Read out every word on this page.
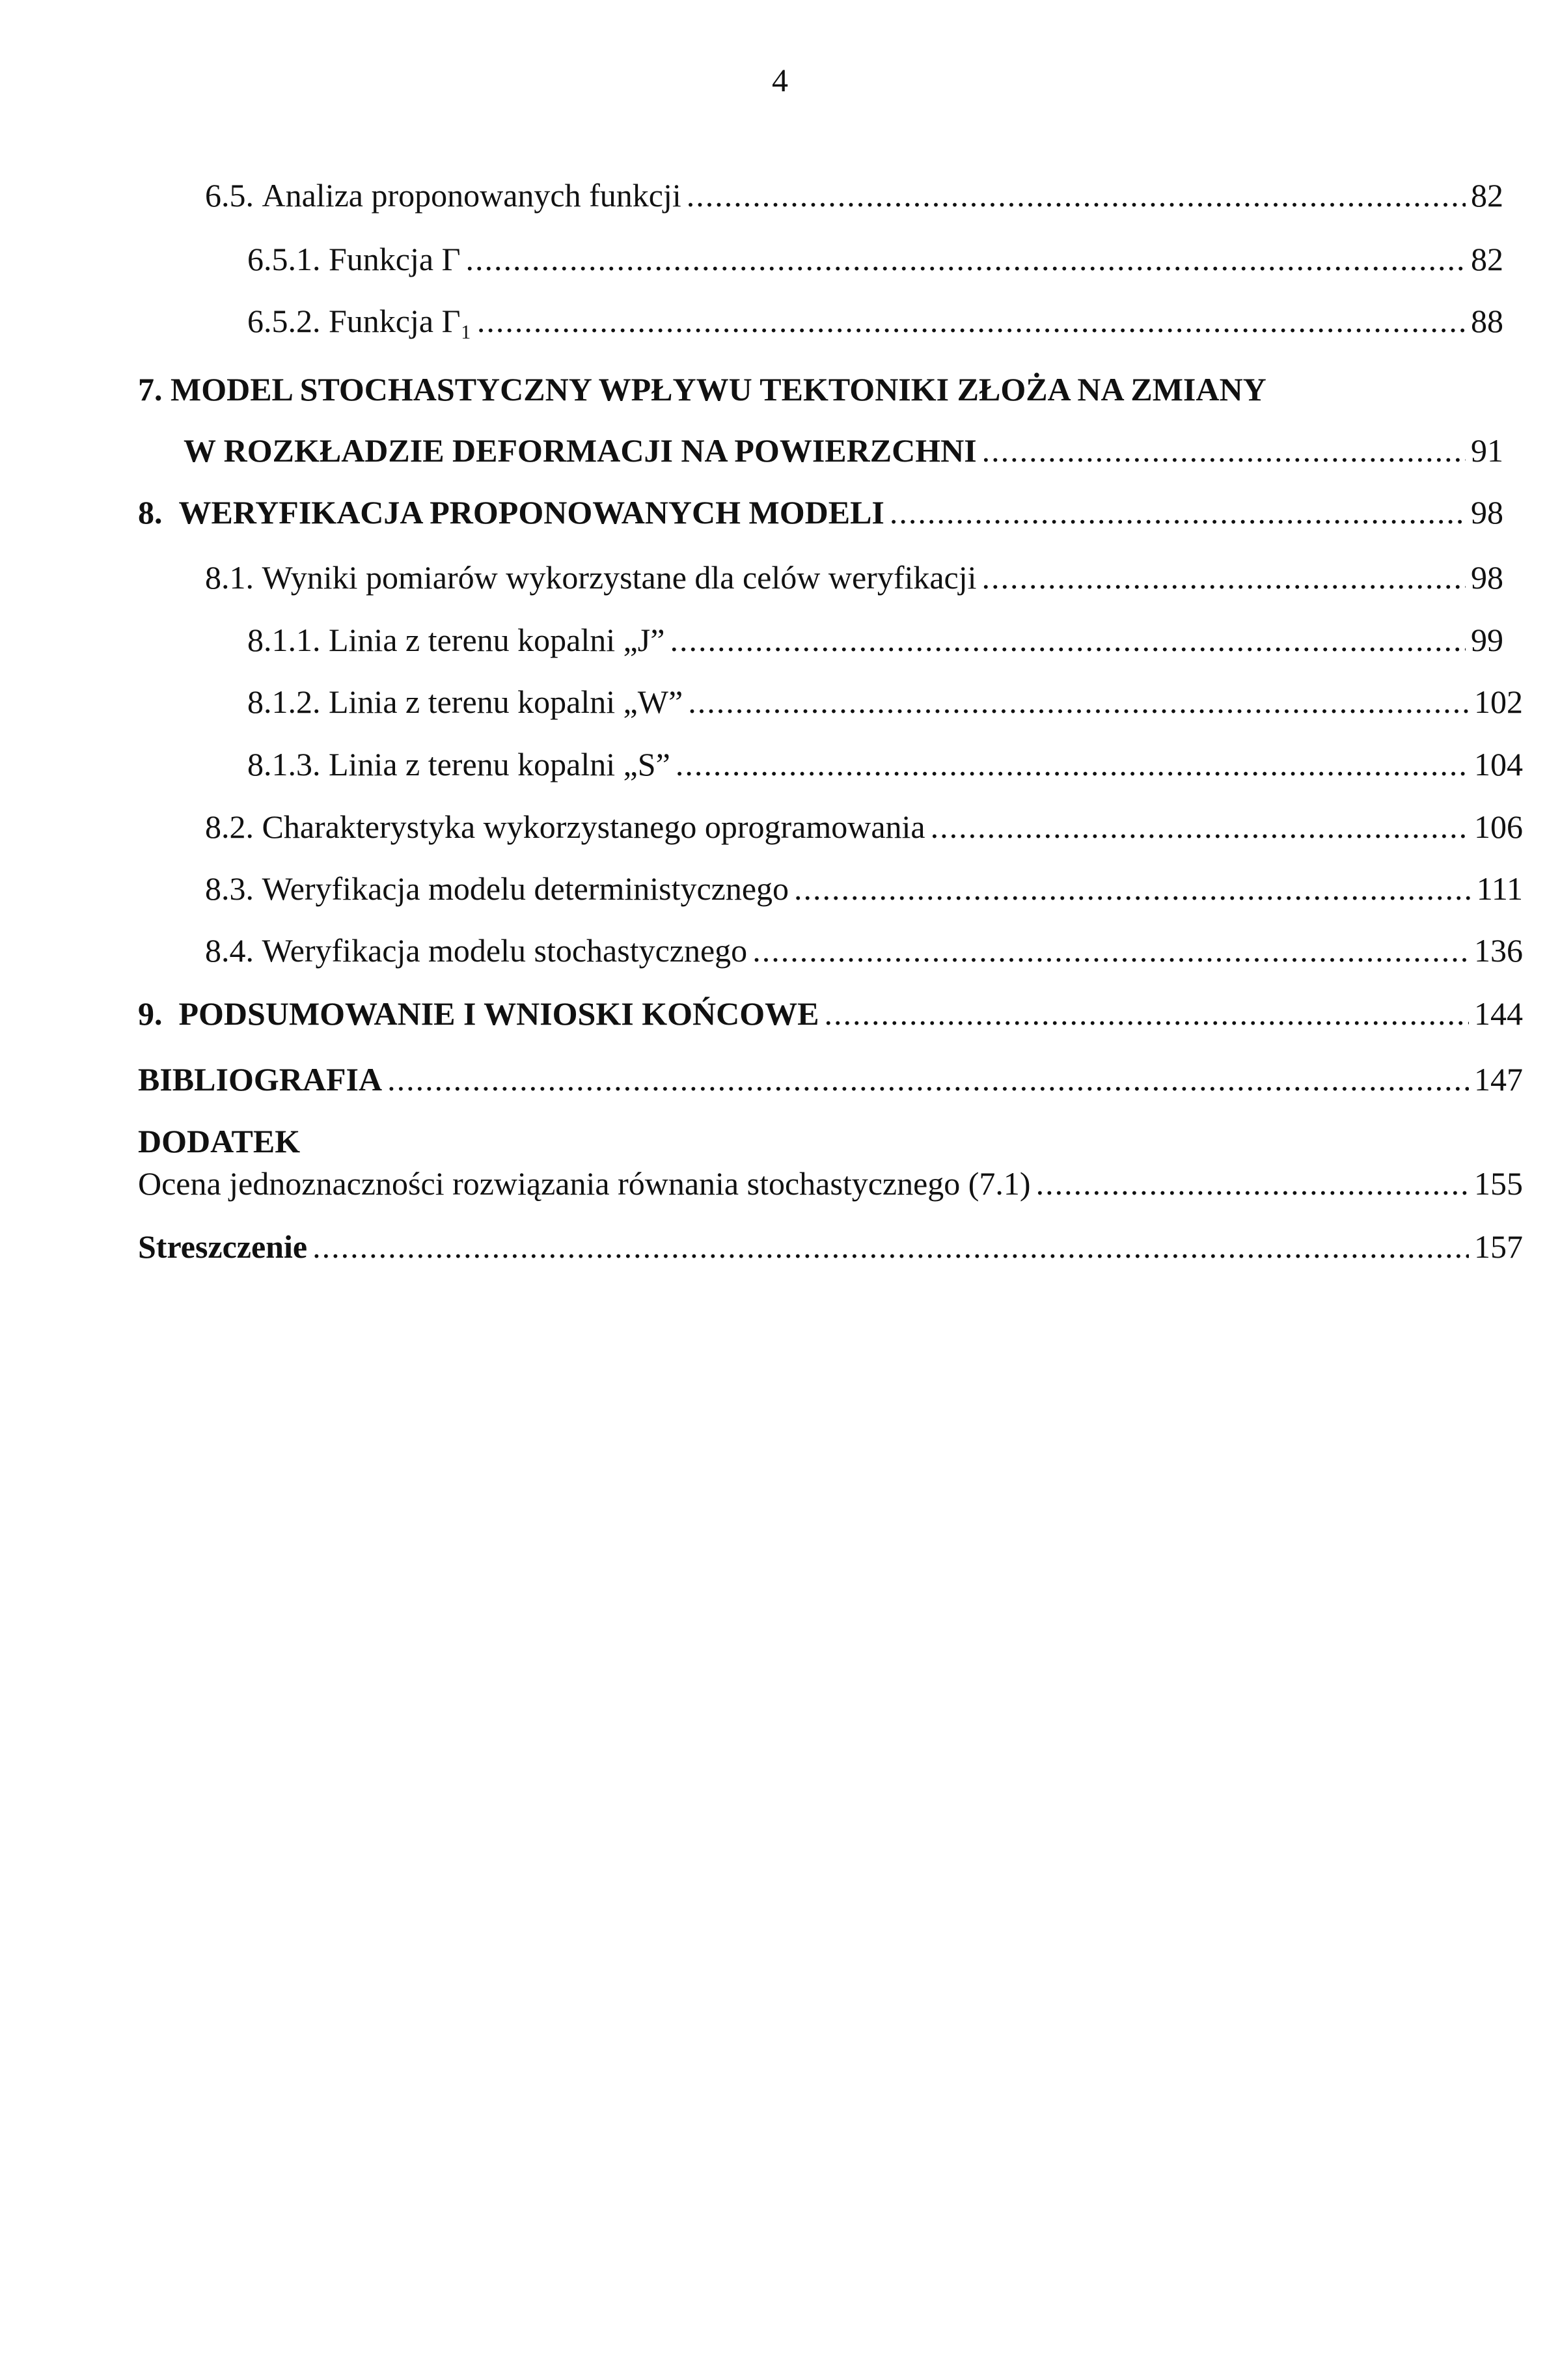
4
6.5.
Analiza proponowanych funkcji .....	82
6.5.1.
Funkcja Γ .....	82
6.5.2.
Funkcja Γ₁ .....	88
7. MODEL STOCHASTYCZNY WPŁYWU TEKTONIKI ZŁOŻA NA ZMIANY
W ROZKŁADZIE DEFORMACJI NA POWIERZCHNI .....	91
8.
WERYFIKACJA PROPONOWANYCH MODELI .....	98
8.1.
Wyniki pomiarów wykorzystane dla celów weryfikacji .....	98
8.1.1.
Linia z terenu kopalni „J” .....	99
8.1.2.
Linia z terenu kopalni „W” .....	102
8.1.3.
Linia z terenu kopalni „S” .....	104
8.2.
Charakterystyka wykorzystanego oprogramowania .....	106
8.3.
Weryfikacja modelu deterministycznego .....	111
8.4.
Weryfikacja modelu stochastycznego .....	136
9.
PODSUMOWANIE I WNIOSKI KOŃCOWE .....	144
BIBLIOGRAFIA .....	147
DODATEK
Ocena jednoznaczności rozwiązania równania stochastycznego (7.1) .....	155
Streszczenie .....	157
